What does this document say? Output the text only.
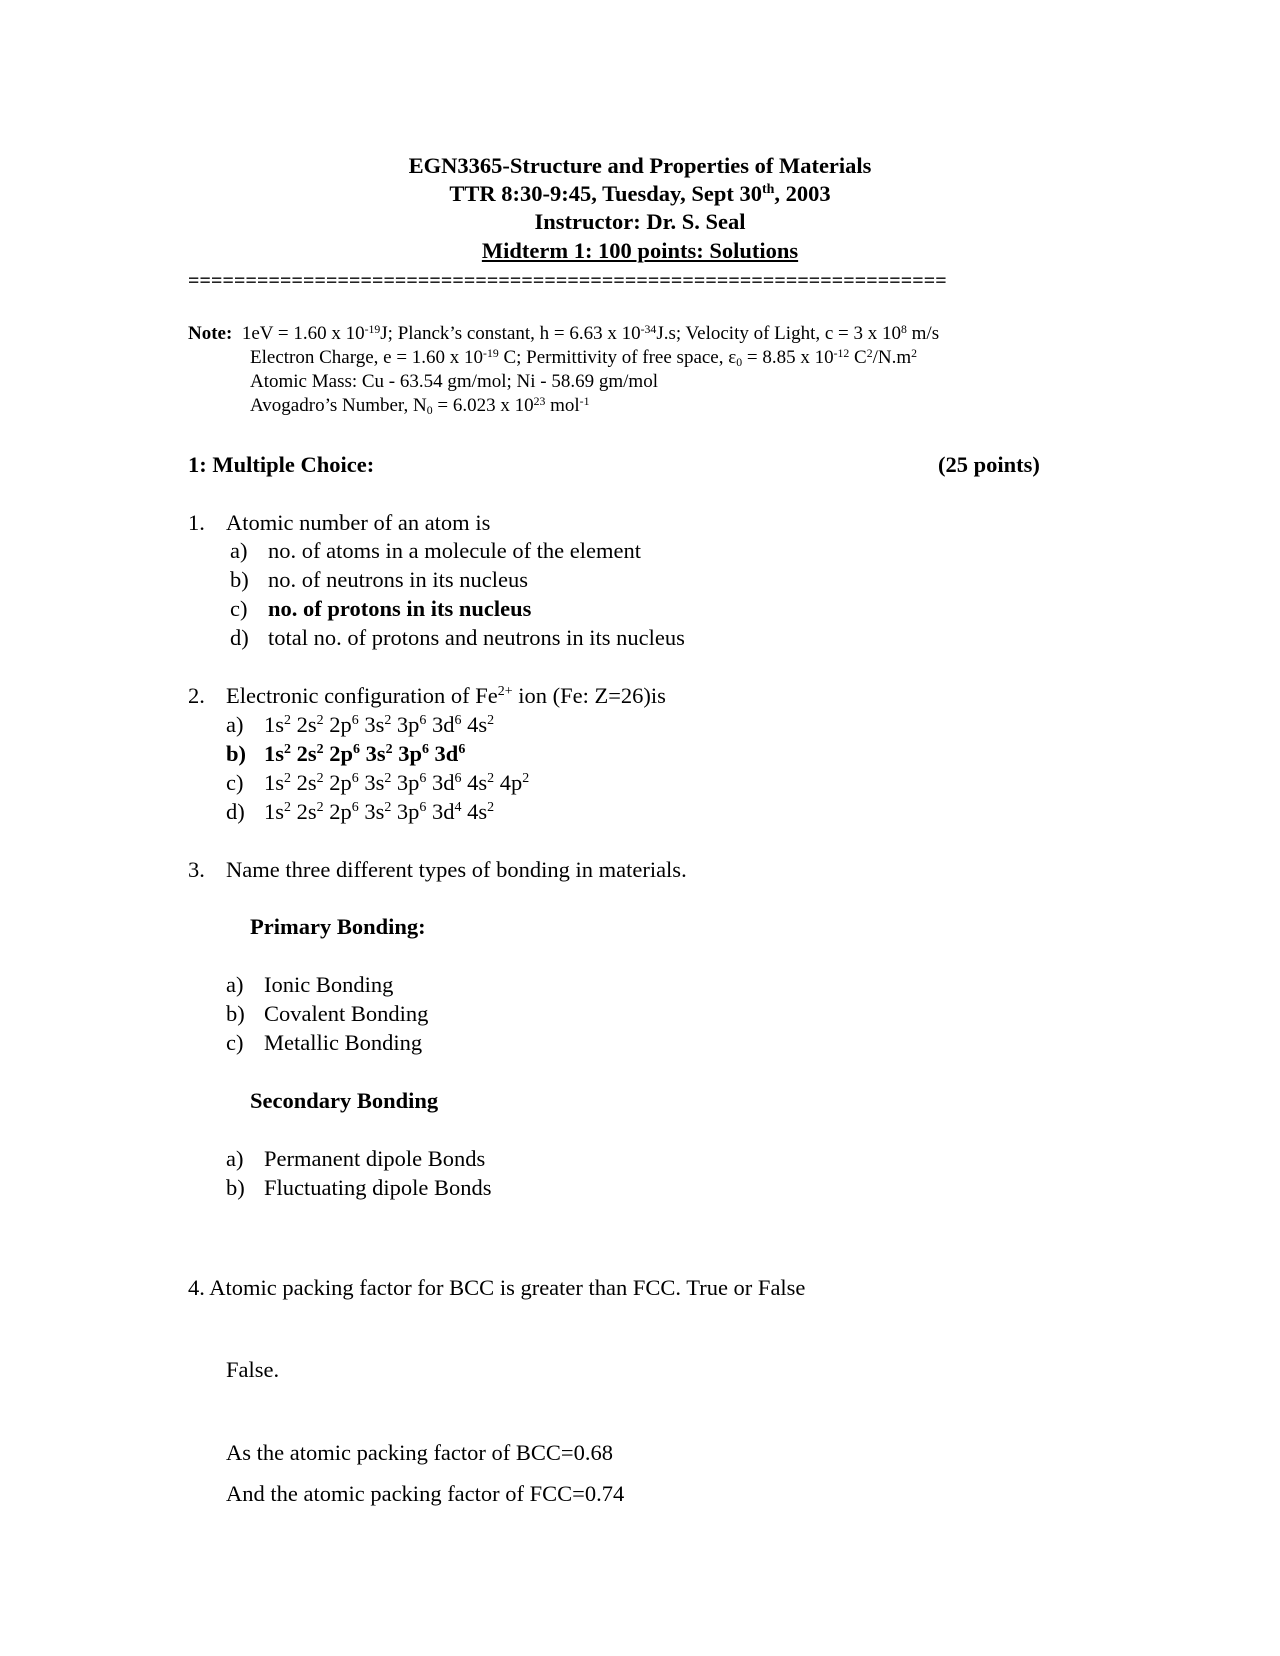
EGN3365-Structure and Properties of Materials
TTR 8:30-9:45, Tuesday, Sept 30th, 2003
Instructor: Dr. S. Seal
Midterm 1: 100 points: Solutions
==================================================================
Note: 1eV = 1.60 x $10^{-19}J$; Planck’s constant, h = 6.63 x $10^{-34}J.s$; Velocity of Light, c = 3 x $10^8$ m/s
Electron Charge, e = 1.60 x $10^{-19}$ C; Permittivity of free space, $\varepsilon_0 = 8.85$ x $10^{-12}$ $C^2/N.m^2$
Atomic Mass: Cu - 63.54 gm/mol; Ni - 58.69 gm/mol
Avogadro’s Number, $N_0 = 6.023$ x $10^{23}$ mol$^{-1}$
1: Multiple Choice:	(25 points)
1. Atomic number of an atom is
a) no. of atoms in a molecule of the element
b) no. of neutrons in its nucleus
c) no. of protons in its nucleus
d) total no. of protons and neutrons in its nucleus
2. Electronic configuration of $Fe^{2+}$ ion (Fe: Z=26)is
a) $1s^2$ $2s^2$ $2p^6$ $3s^2$ $3p^6$ $3d^6$ $4s^2$
b) $1s^2$ $2s^2$ $2p^6$ $3s^2$ $3p^6$ $3d^6$
c) $1s^2$ $2s^2$ $2p^6$ $3s^2$ $3p^6$ $3d^6$ $4s^2$ $4p^2$
d) $1s^2$ $2s^2$ $2p^6$ $3s^2$ $3p^6$ $3d^4$ $4s^2$
3. Name three different types of bonding in materials.
Primary Bonding:
a) Ionic Bonding
b) Covalent Bonding
c) Metallic Bonding
Secondary Bonding
a) Permanent dipole Bonds
b) Fluctuating dipole Bonds
4. Atomic packing factor for BCC is greater than FCC. True or False
False.
As the atomic packing factor of BCC=0.68
And the atomic packing factor of FCC=0.74
